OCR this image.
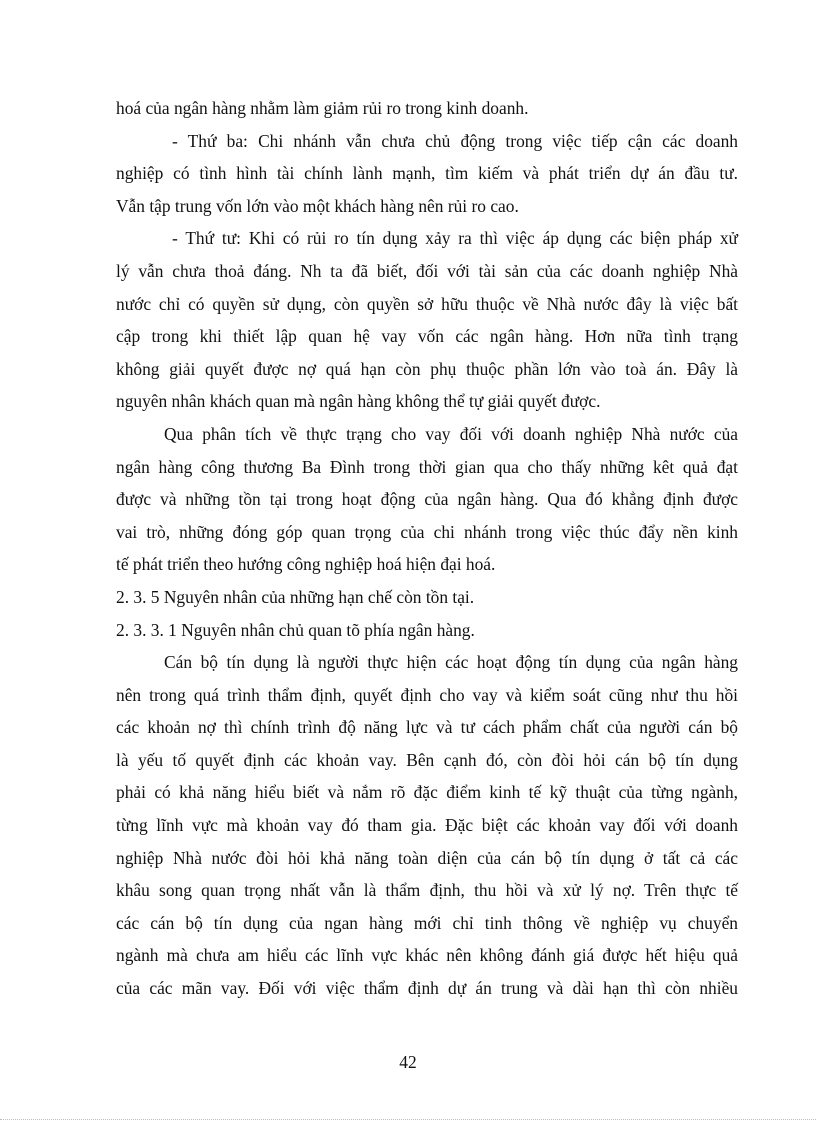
hoá của ngân hàng nhằm làm giảm rủi ro trong kinh doanh.
- Thứ ba: Chi nhánh vẫn chưa chủ động trong việc tiếp cận các doanh
nghiệp có tình hình tài chính lành mạnh, tìm kiếm và phát triển dự án đầu tư.
Vẫn tập trung vốn lớn vào một khách hàng nên rủi ro cao.
- Thứ tư: Khi có rủi ro tín dụng xảy ra thì việc áp dụng các biện pháp xử
lý vẫn chưa thoả đáng. Nh ta đã biết, đối với tài sản của các doanh nghiệp Nhà
nước chỉ có quyền sử dụng, còn quyền sở hữu thuộc về Nhà nước đây là việc bất
cập trong khi thiết lập quan hệ vay vốn các ngân hàng. Hơn nữa tình trạng
không giải quyết được nợ quá hạn còn phụ thuộc phần lớn vào toà án. Đây là
nguyên nhân khách quan mà ngân hàng không thể tự giải quyết được.
Qua phân tích về thực trạng cho vay đối với doanh nghiệp Nhà nước của
ngân hàng công thương Ba Đình trong thời gian qua cho thấy những kêt quả đạt
được và những tồn tại trong hoạt động của ngân hàng. Qua đó khẳng định được
vai trò, những đóng góp quan trọng của chi nhánh trong việc thúc đẩy nền kinh
tế phát triển theo hướng công nghiệp hoá hiện đại hoá.
2. 3. 5 Nguyên nhân của những hạn chế còn tồn tại.
2. 3. 3. 1 Nguyên nhân chủ quan tõ phía ngân hàng.
Cán bộ tín dụng là người thực hiện các hoạt động tín dụng của ngân hàng
nên trong quá trình thẩm định, quyết định cho vay và kiểm soát cũng như thu hồi
các khoản nợ thì chính trình độ năng lực và tư cách phẩm chất của người cán bộ
là yếu tố quyết định các khoản vay. Bên cạnh đó, còn đòi hỏi cán bộ tín dụng
phải có khả năng hiểu biết và nắm rõ đặc điểm kinh tế kỹ thuật của từng ngành,
từng lĩnh vực mà khoản vay đó tham gia. Đặc biệt các khoản vay đối với doanh
nghiệp Nhà nước đòi hỏi khả năng toàn diện của cán bộ tín dụng ở tất cả các
khâu song quan trọng nhất vẫn là thẩm định, thu hồi và xử lý nợ. Trên thực tế
các cán bộ tín dụng của ngan hàng mới chỉ tinh thông về nghiệp vụ chuyển
ngành mà chưa am hiểu các lĩnh vực khác nên không đánh giá được hết hiệu quả
của các mãn vay. Đối với việc thẩm định dự án trung và dài hạn thì còn nhiều
42
